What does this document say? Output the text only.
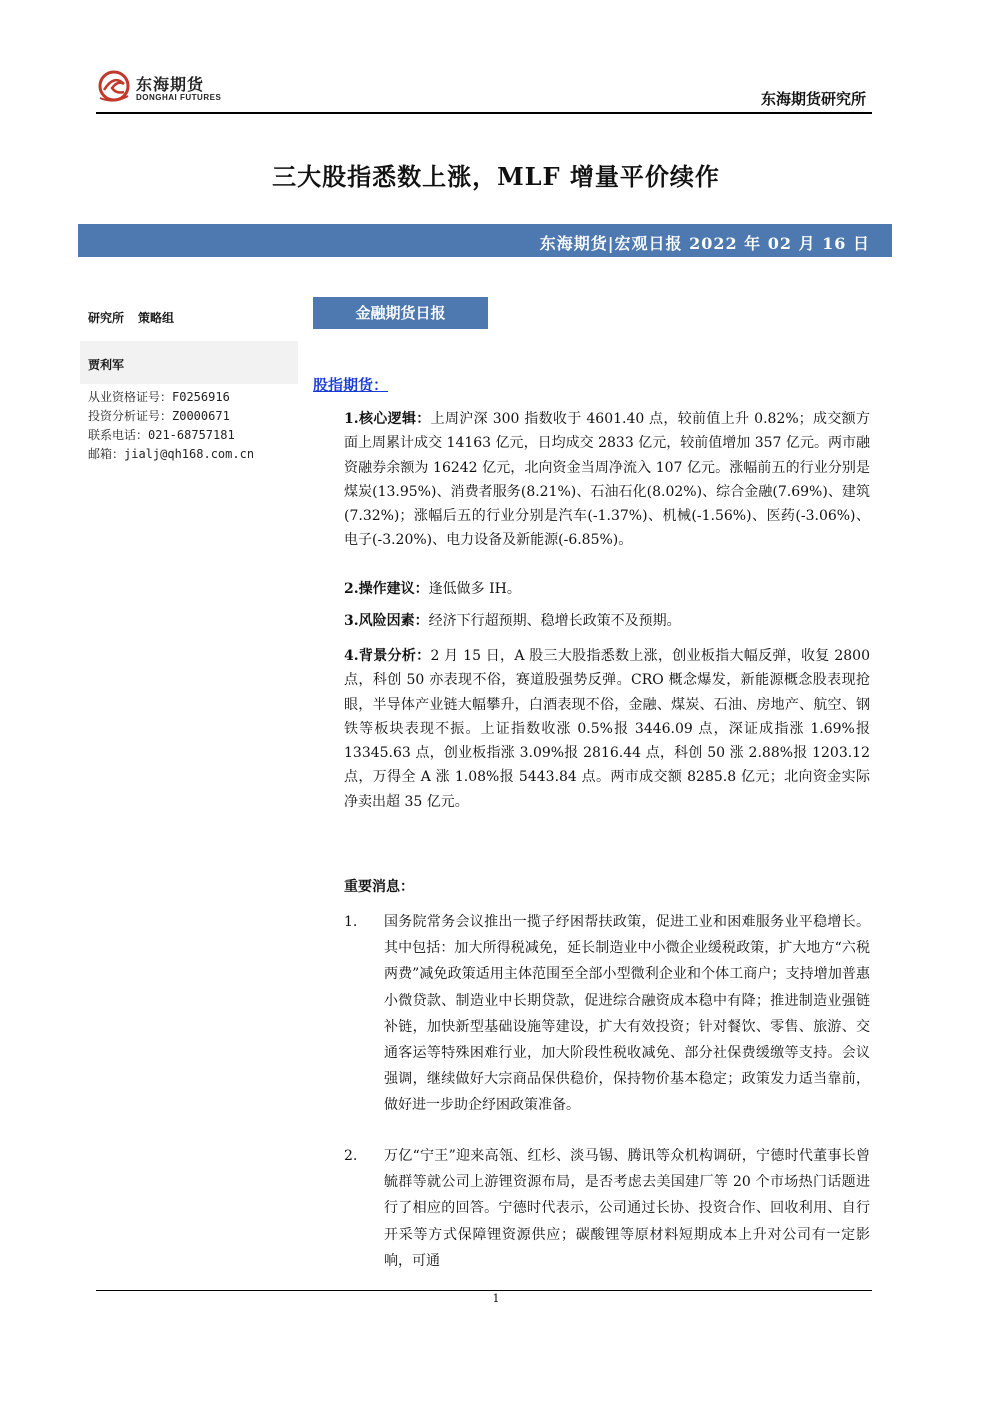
东海期货
DONGHAI FUTURES	东海期货研究所
三大股指悉数上涨，MLF 增量平价续作
东海期货|宏观日报 2022 年 02 月 16 日
研究所 策略组
贾利军
从业资格证号：F0256916
投资分析证号：Z0000671
联系电话：021-68757181
邮箱：jialj@qh168.com.cn
金融期货日报
股指期货：
1.核心逻辑：上周沪深 300 指数收于 4601.40 点，较前值上升 0.82%；成交额方面上周累计成交 14163 亿元，日均成交 2833 亿元，较前值增加 357 亿元。两市融资融券余额为 16242 亿元，北向资金当周净流入 107 亿元。涨幅前五的行业分别是煤炭(13.95%)、消费者服务(8.21%)、石油石化(8.02%)、综合金融(7.69%)、建筑(7.32%)；涨幅后五的行业分别是汽车(-1.37%)、机械(-1.56%)、医药(-3.06%)、电子(-3.20%)、电力设备及新能源(-6.85%)。
2.操作建议：逢低做多 IH。
3.风险因素：经济下行超预期、稳增长政策不及预期。
4.背景分析：2 月 15 日，A 股三大股指悉数上涨，创业板指大幅反弹，收复 2800 点，科创 50 亦表现不俗，赛道股强势反弹。CRO 概念爆发，新能源概念股表现抢眼，半导体产业链大幅攀升，白酒表现不俗，金融、煤炭、石油、房地产、航空、钢铁等板块表现不振。上证指数收涨 0.5%报 3446.09 点，深证成指涨 1.69%报 13345.63 点，创业板指涨 3.09%报 2816.44 点，科创 50 涨 2.88%报 1203.12 点，万得全 A 涨 1.08%报 5443.84 点。两市成交额 8285.8 亿元；北向资金实际净卖出超 35 亿元。
重要消息：
1.	国务院常务会议推出一揽子纾困帮扶政策，促进工业和困难服务业平稳增长。其中包括：加大所得税减免，延长制造业中小微企业缓税政策，扩大地方“六税两费”减免政策适用主体范围至全部小型微利企业和个体工商户；支持增加普惠小微贷款、制造业中长期贷款，促进综合融资成本稳中有降；推进制造业强链补链，加快新型基础设施等建设，扩大有效投资；针对餐饮、零售、旅游、交通客运等特殊困难行业，加大阶段性税收减免、部分社保费缓缴等支持。会议强调，继续做好大宗商品保供稳价，保持物价基本稳定；政策发力适当靠前，做好进一步助企纾困政策准备。
2.	万亿“宁王”迎来高瓴、红杉、淡马锡、腾讯等众机构调研，宁德时代董事长曾毓群等就公司上游锂资源布局，是否考虑去美国建厂等 20 个市场热门话题进行了相应的回答。宁德时代表示，公司通过长协、投资合作、回收利用、自行开采等方式保障锂资源供应；碳酸锂等原材料短期成本上升对公司有一定影响，可通
1
